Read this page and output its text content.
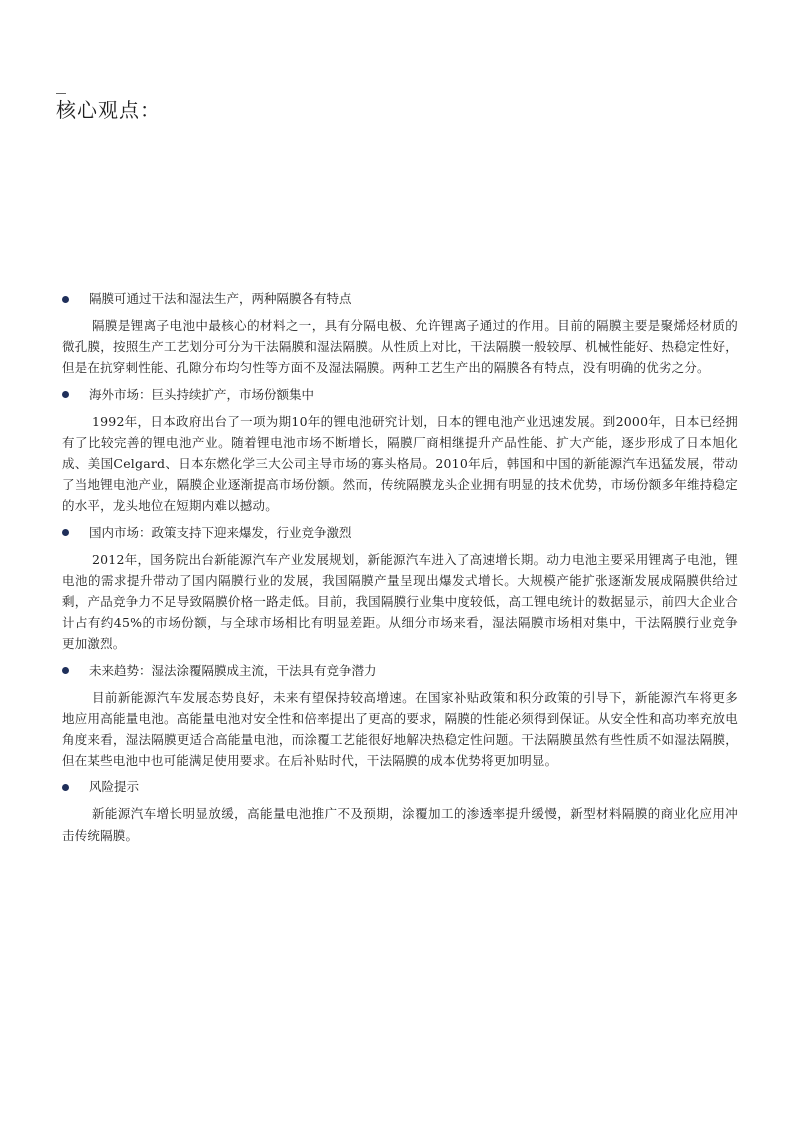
核心观点：
隔膜可通过干法和湿法生产，两种隔膜各有特点

隔膜是锂离子电池中最核心的材料之一，具有分隔电极、允许锂离子通过的作用。目前的隔膜主要是聚烯烃材质的微孔膜，按照生产工艺划分可分为干法隔膜和湿法隔膜。从性质上对比，干法隔膜一般较厚、机械性能好、热稳定性好，但是在抗穿刺性能、孔隙分布均匀性等方面不及湿法隔膜。两种工艺生产出的隔膜各有特点，没有明确的优劣之分。

海外市场：巨头持续扩产，市场份额集中

1992年，日本政府出台了一项为期10年的锂电池研究计划，日本的锂电池产业迅速发展。到2000年，日本已经拥有了比较完善的锂电池产业。随着锂电池市场不断增长，隔膜厂商相继提升产品性能、扩大产能，逐步形成了日本旭化成、美国Celgard、日本东燃化学三大公司主导市场的寡头格局。2010年后，韩国和中国的新能源汽车迅猛发展，带动了当地锂电池产业，隔膜企业逐渐提高市场份额。然而，传统隔膜龙头企业拥有明显的技术优势，市场份额多年维持稳定的水平，龙头地位在短期内难以撼动。

国内市场：政策支持下迎来爆发，行业竞争激烈

2012年，国务院出台新能源汽车产业发展规划，新能源汽车进入了高速增长期。动力电池主要采用锂离子电池，锂电池的需求提升带动了国内隔膜行业的发展，我国隔膜产量呈现出爆发式增长。大规模产能扩张逐渐发展成隔膜供给过剩，产品竞争力不足导致隔膜价格一路走低。目前，我国隔膜行业集中度较低，高工锂电统计的数据显示，前四大企业合计占有约45%的市场份额，与全球市场相比有明显差距。从细分市场来看，湿法隔膜市场相对集中，干法隔膜行业竞争更加激烈。

未来趋势：湿法涂覆隔膜成主流，干法具有竞争潜力

目前新能源汽车发展态势良好，未来有望保持较高增速。在国家补贴政策和积分政策的引导下，新能源汽车将更多地应用高能量电池。高能量电池对安全性和倍率提出了更高的要求，隔膜的性能必须得到保证。从安全性和高功率充放电角度来看，湿法隔膜更适合高能量电池，而涂覆工艺能很好地解决热稳定性问题。干法隔膜虽然有些性质不如湿法隔膜，但在某些电池中也可能满足使用要求。在后补贴时代，干法隔膜的成本优势将更加明显。

风险提示

新能源汽车增长明显放缓，高能量电池推广不及预期，涂覆加工的渗透率提升缓慢，新型材料隔膜的商业化应用冲击传统隔膜。
